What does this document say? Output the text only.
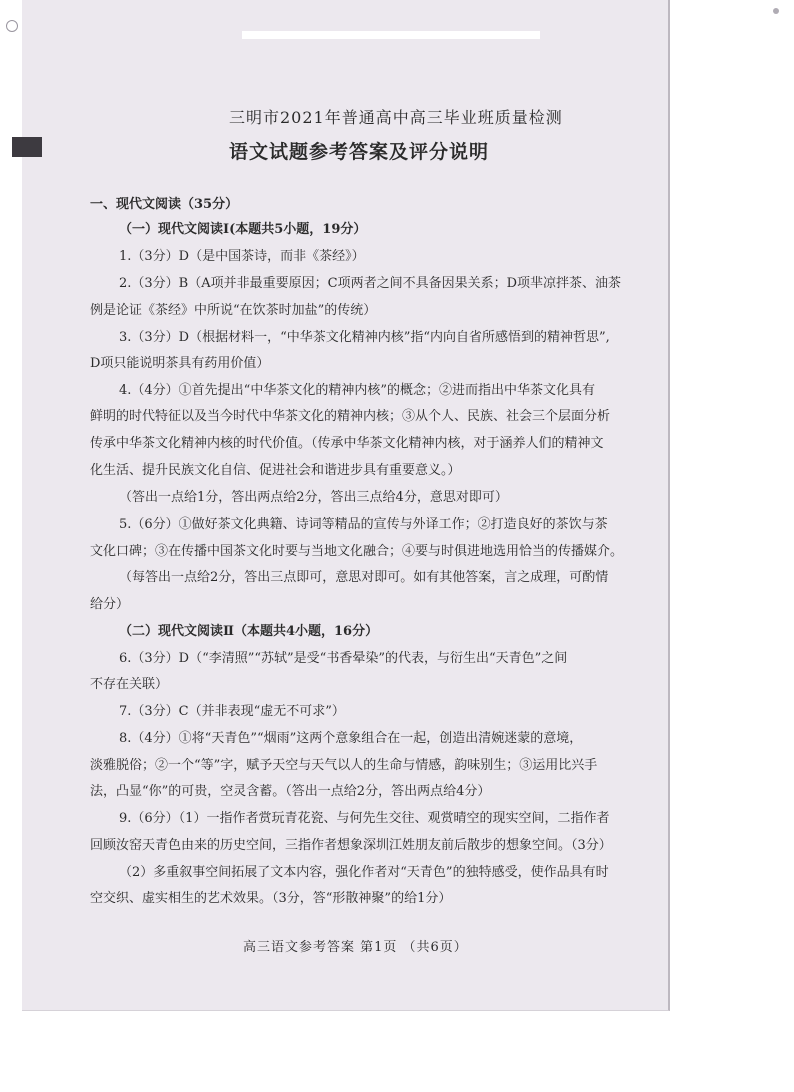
三明市2021年普通高中高三毕业班质量检测
语文试题参考答案及评分说明
一、现代文阅读（35分）
（一）现代文阅读Ⅰ(本题共5小题，19分）
1.（3分）D（是中国茶诗，而非《茶经》）
2.（3分）B（A项并非最重要原因；C项两者之间不具备因果关系；D项芈凉拌茶、油茶
例是论证《茶经》中所说“在饮茶时加盐”的传统）
3.（3分）D（根据材料一，“中华茶文化精神内核”指“内向自省所感悟到的精神哲思”,
D项只能说明茶具有药用价值）
4.（4分）①首先提出“中华茶文化的精神内核”的概念；②进而指出中华茶文化具有
鲜明的时代特征以及当今时代中华茶文化的精神内核；③从个人、民族、社会三个层面分析
传承中华茶文化精神内核的时代价值。（传承中华茶文化精神内核，对于涵养人们的精神文
化生活、提升民族文化自信、促进社会和谐进步具有重要意义。）
（答出一点给1分，答出两点给2分，答出三点给4分，意思对即可）
5.（6分）①做好茶文化典籍、诗词等精品的宣传与外译工作；②打造良好的茶饮与茶
文化口碑；③在传播中国茶文化时要与当地文化融合；④要与时俱进地选用恰当的传播媒介。
（每答出一点给2分，答出三点即可，意思对即可。如有其他答案，言之成理，可酌情
给分）
（二）现代文阅读Ⅱ（本题共4小题，16分）
6.（3分）D（“李清照”“苏轼”是受“书香晕染”的代表，与衍生出“天青色”之间
不存在关联）
7.（3分）C（并非表现“虚无不可求”）
8.（4分）①将“天青色”“烟雨”这两个意象组合在一起，创造出清婉迷蒙的意境，
淡雅脱俗；②一个“等”字，赋予天空与天气以人的生命与情感，韵味别生；③运用比兴手
法，凸显“你”的可贵，空灵含蓄。（答出一点给2分，答出两点给4分）
9.（6分）（1）一指作者赏玩青花瓷、与何先生交往、观赏晴空的现实空间，二指作者
回顾汝窑天青色由来的历史空间，三指作者想象深圳江姓朋友前后散步的想象空间。（3分）
（2）多重叙事空间拓展了文本内容，强化作者对“天青色”的独特感受，使作品具有时
空交织、虚实相生的艺术效果。（3分，答“形散神聚”的给1分）
高三语文参考答案 第1页 （共6页）
